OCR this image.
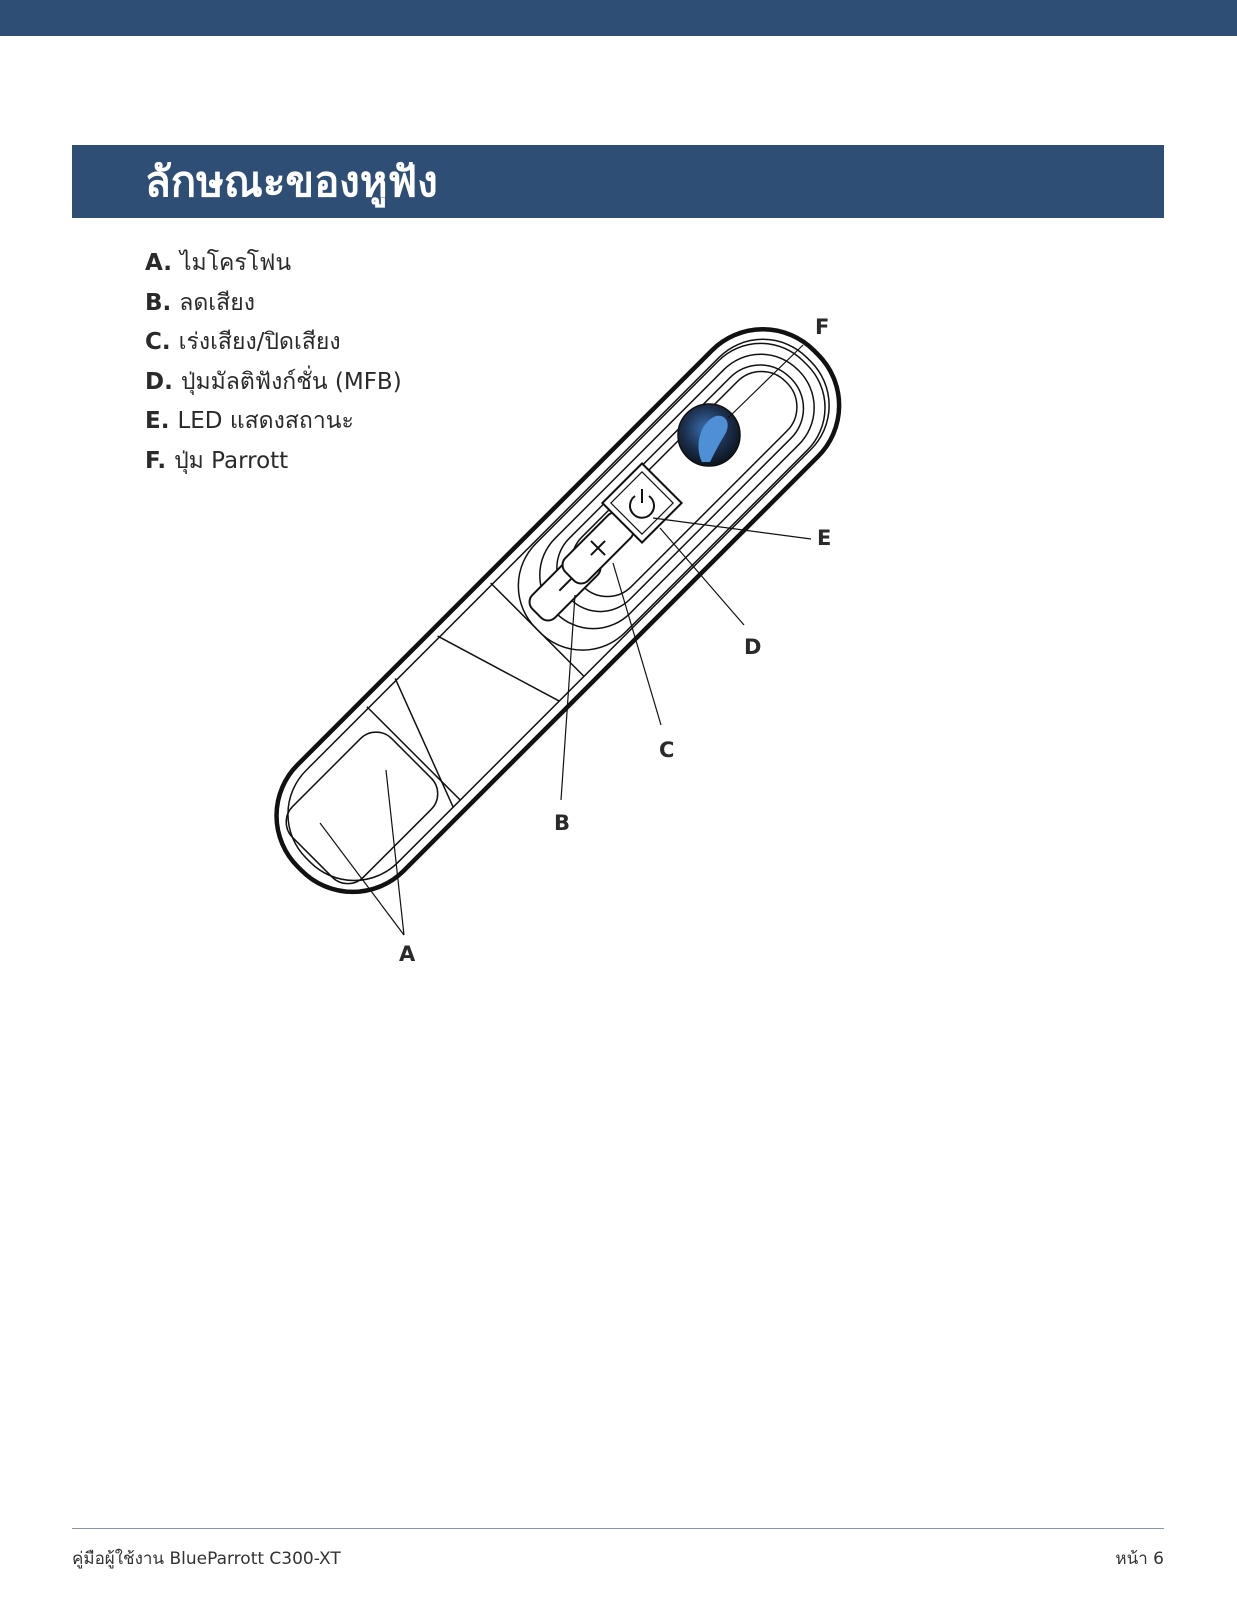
ลักษณะของหูฟัง
A. ไมโครโฟน
B. ลดเสียง
C. เร่งเสียง/ปิดเสียง
D. ปุ่มมัลติฟังก์ชั่น (MFB)
E. LED แสดงสถานะ
F. ปุ่ม Parrott
F
E
D
C
B
A
คู่มือผู้ใช้งาน BlueParrott C300-XT	หน้า 6
